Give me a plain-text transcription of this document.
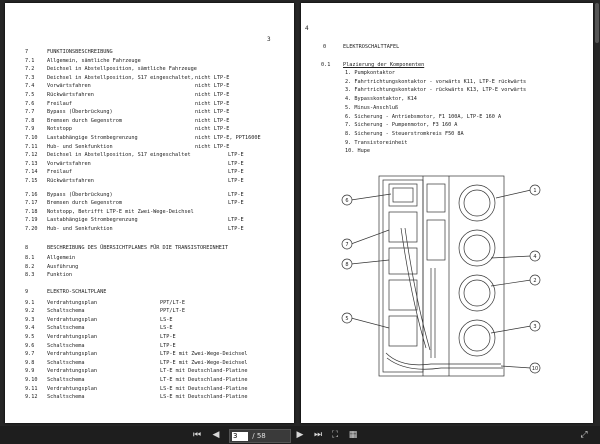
3
7	FUNKTIONSBESCHREIBUNG
7.1 Allgemein, sämtliche Fahrzeuge
7.2 Deichsel in Abstellposition, sämtliche Fahrzeuge
7.3 Deichsel in Abstellposition, S17 eingeschaltet, nicht LTP-E
7.4 Vorwärtsfahren	nicht LTP-E
7.5 Rückwärtsfahren	nicht LTP-E
7.6 Freilauf	nicht LTP-E
7.7 Bypass (Überbrückung)	nicht LTP-E
7.8 Bremsen durch Gegenstrom	nicht LTP-E
7.9 Notstopp	nicht LTP-E
7.10 Lastabhängige Strombegrenzung	nicht LTP-E, PPT1600E
7.11 Hub- und Senkfunktion	nicht LTP-E
7.12 Deichsel in Abstellposition, S17 eingeschaltet	LTP-E
7.13 Vorwärtsfahren	LTP-E
7.14 Freilauf	LTP-E
7.15 Rückwärtsfahren	LTP-E
7.16 Bypass (Überbrückung)	LTP-E
7.17 Bremsen durch Gegenstrom	LTP-E
7.18 Notstopp, Betrifft LTP-E mit Zwei-Wege-Deichsel
7.19 Lastabhängige Strombegrenzung	LTP-E
7.20 Hub- und Senkfunktion	LTP-E
8	BESCHREIBUNG DES ÜBERSICHTPLANES FÜR DIE TRANSISTOREINHEIT
8.1 Allgemein
8.2 Ausführung
8.3 Funktion
9	ELEKTRO-SCHALTPLANE
9.1 Verdrahtungsplan	PPT/LT-E
9.2 Schaltschema	PPT/LT-E
9.3 Verdrahtungsplan	LS-E
9.4 Schaltschema	LS-E
9.5 Verdrahtungsplan	LTP-E
9.6 Schaltschema	LTP-E
9.7 Verdrahtungsplan	LTP-E mit Zwei-Wege-Deichsel
9.8 Schaltschema	LTP-E mit Zwei-Wege-Deichsel
9.9 Verdrahtungsplan	LT-E mit Deutschland-Platine
9.10 Schaltschema	LT-E mit Deutschland-Platine
9.11 Verdrahtungsplan	LS-E mit Deutschland-Platine
9.12 Schaltschema	LS-E mit Deutschland-Platine
4
0	ELEKTROSCHALTTAFEL
0.1 Plazierung der Komponenten
1. Pumpkontaktor
2. Fahrtrichtungskontaktor - vorwärts K11, LTP-E rückwärts
3. Fahrtrichtungskontaktor - rückwärts K13, LTP-E vorwärts
4. Bypasskontaktor, K14
5. Minus-Anschluß
6. Sicherung - Antriebsmotor, F1 100A, LTP-E 160 A
7. Sicherung - Pumpenmotor, F3 160 A
8. Sicherung - Steuerstromkreis F50 8A
9. Transistoreinheit
10. Hupe
6
7
8
1
5
4
2
3
10
⏮ ◀
3	/ 58	▶ ⏭	⛶	▦	⤢
